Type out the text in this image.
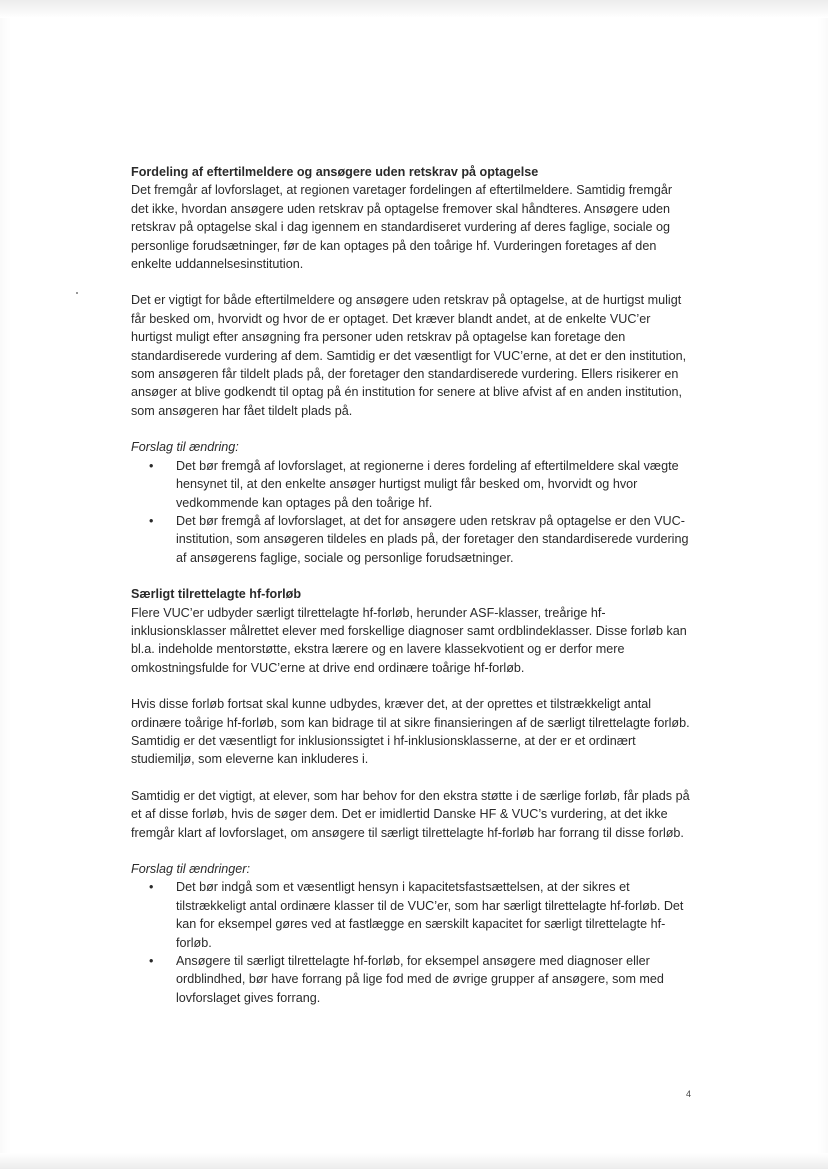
Fordeling af eftertilmeldere og ansøgere uden retskrav på optagelse
Det fremgår af lovforslaget, at regionen varetager fordelingen af eftertilmeldere. Samtidig fremgår det ikke, hvordan ansøgere uden retskrav på optagelse fremover skal håndteres. Ansøgere uden retskrav på optagelse skal i dag igennem en standardiseret vurdering af deres faglige, sociale og personlige forudsætninger, før de kan optages på den toårige hf. Vurderingen foretages af den enkelte uddannelsesinstitution.

Det er vigtigt for både eftertilmeldere og ansøgere uden retskrav på optagelse, at de hurtigst muligt får besked om, hvorvidt og hvor de er optaget. Det kræver blandt andet, at de enkelte VUC’er hurtigst muligt efter ansøgning fra personer uden retskrav på optagelse kan foretage den standardiserede vurdering af dem. Samtidig er det væsentligt for VUC’erne, at det er den institution, som ansøgeren får tildelt plads på, der foretager den standardiserede vurdering. Ellers risikerer en ansøger at blive godkendt til optag på én institution for senere at blive afvist af en anden institution, som ansøgeren har fået tildelt plads på.

Forslag til ændring:
• Det bør fremgå af lovforslaget, at regionerne i deres fordeling af eftertilmeldere skal vægte hensynet til, at den enkelte ansøger hurtigst muligt får besked om, hvorvidt og hvor vedkommende kan optages på den toårige hf.
• Det bør fremgå af lovforslaget, at det for ansøgere uden retskrav på optagelse er den VUC-institution, som ansøgeren tildeles en plads på, der foretager den standardiserede vurdering af ansøgerens faglige, sociale og personlige forudsætninger.

Særligt tilrettelagte hf-forløb
Flere VUC’er udbyder særligt tilrettelagte hf-forløb, herunder ASF-klasser, treårige hf-inklusionsklasser målrettet elever med forskellige diagnoser samt ordblindeklasser. Disse forløb kan bl.a. indeholde mentorstøtte, ekstra lærere og en lavere klassekvotient og er derfor mere omkostningsfulde for VUC’erne at drive end ordinære toårige hf-forløb.

Hvis disse forløb fortsat skal kunne udbydes, kræver det, at der oprettes et tilstrækkeligt antal ordinære toårige hf-forløb, som kan bidrage til at sikre finansieringen af de særligt tilrettelagte forløb. Samtidig er det væsentligt for inklusionssigtet i hf-inklusionsklasserne, at der er et ordinært studiemiljø, som eleverne kan inkluderes i.

Samtidig er det vigtigt, at elever, som har behov for den ekstra støtte i de særlige forløb, får plads på et af disse forløb, hvis de søger dem. Det er imidlertid Danske HF & VUC’s vurdering, at det ikke fremgår klart af lovforslaget, om ansøgere til særligt tilrettelagte hf-forløb har forrang til disse forløb.

Forslag til ændringer:
• Det bør indgå som et væsentligt hensyn i kapacitetsfastsættelsen, at der sikres et tilstrækkeligt antal ordinære klasser til de VUC’er, som har særligt tilrettelagte hf-forløb. Det kan for eksempel gøres ved at fastlægge en særskilt kapacitet for særligt tilrettelagte hf-forløb.
• Ansøgere til særligt tilrettelagte hf-forløb, for eksempel ansøgere med diagnoser eller ordblindhed, bør have forrang på lige fod med de øvrige grupper af ansøgere, som med lovforslaget gives forrang.
4
